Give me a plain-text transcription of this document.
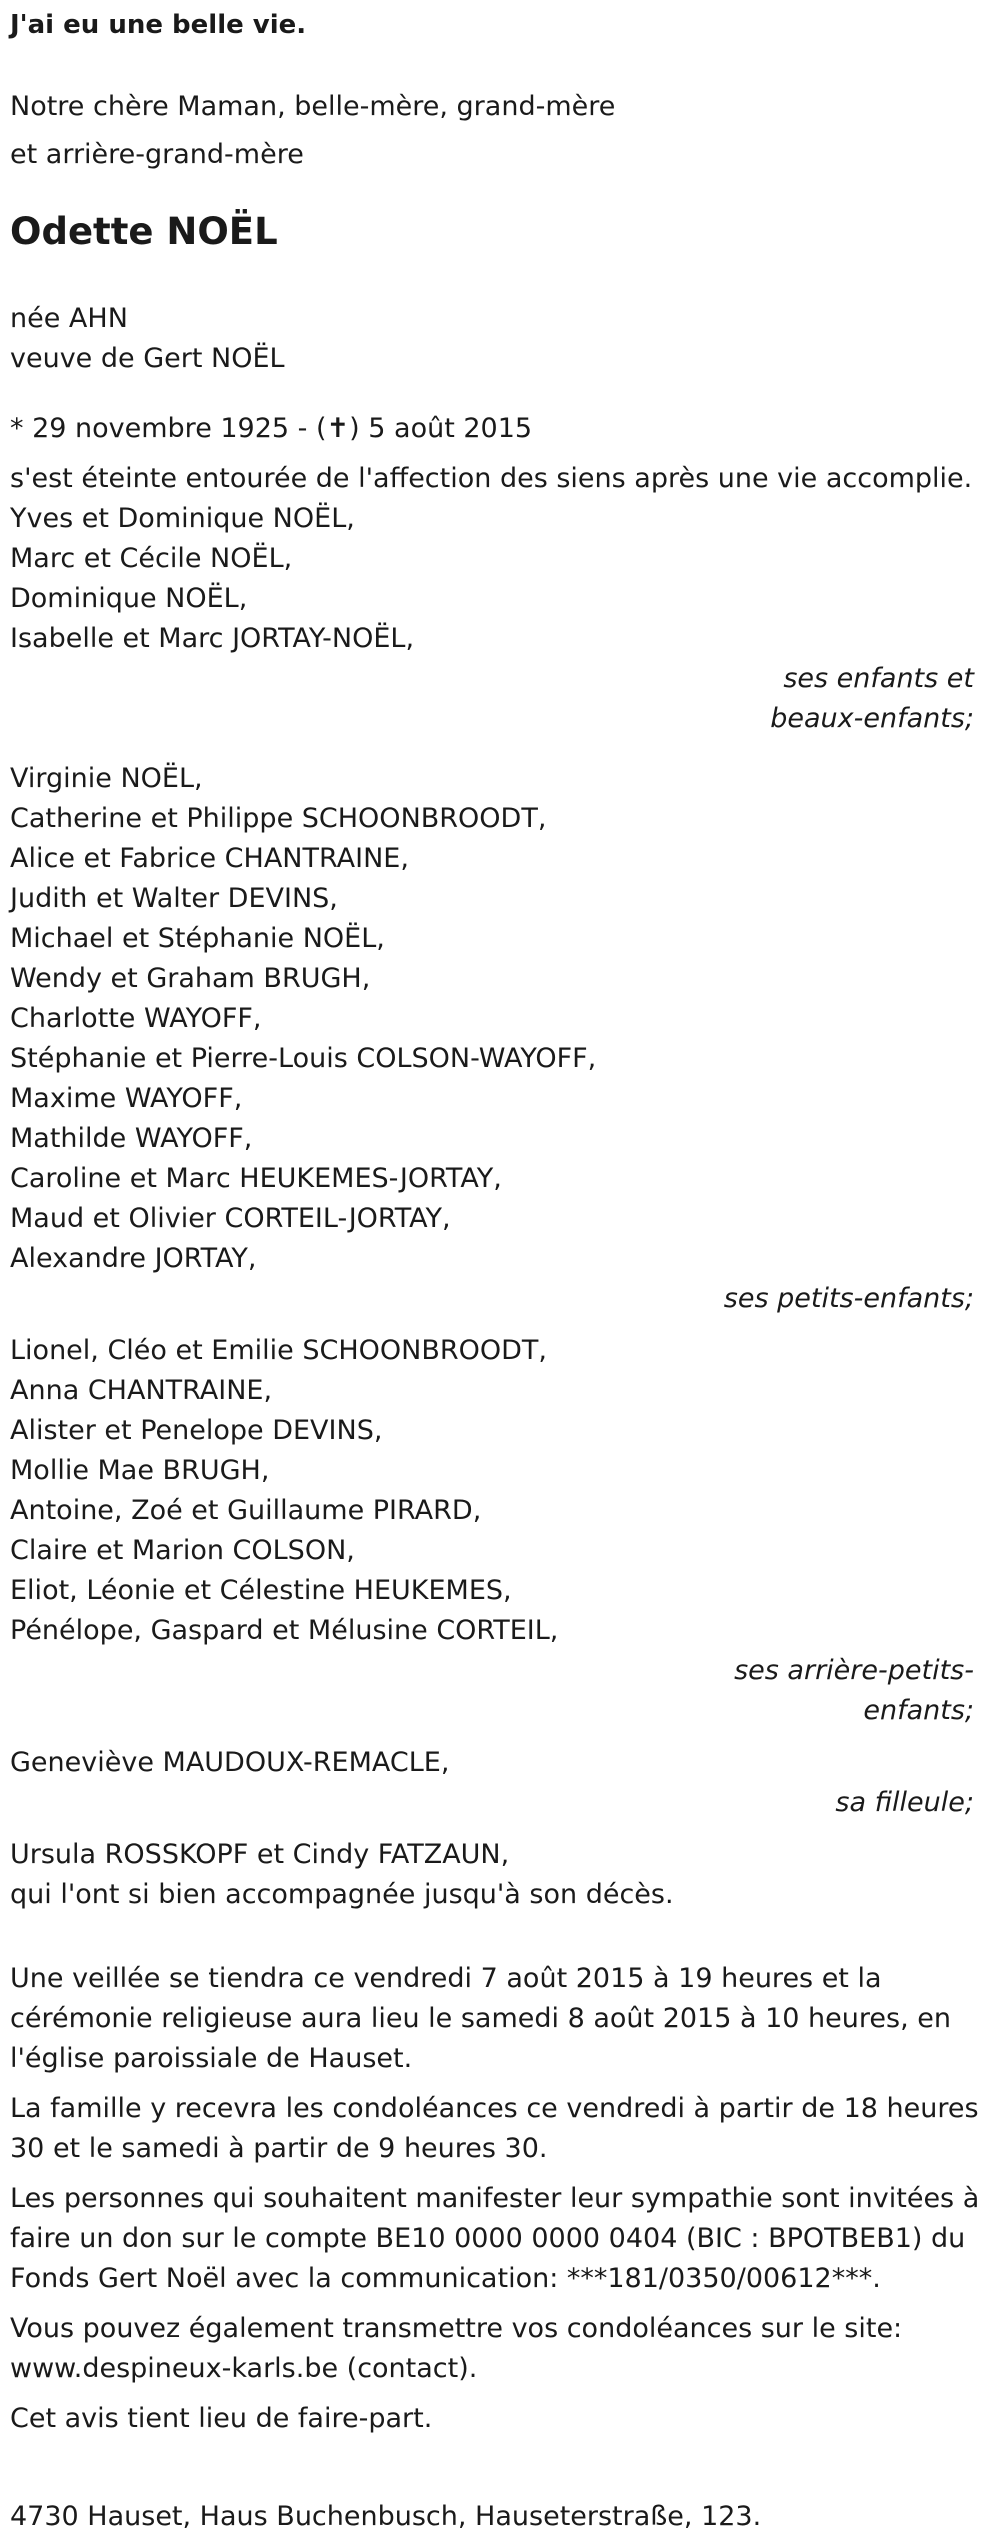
J'ai eu une belle vie.
Notre chère Maman, belle-mère, grand-mère
et arrière-grand-mère
Odette NOËL
née AHN
veuve de Gert NOËL
* 29 novembre 1925 - (✝) 5 août 2015
s'est éteinte entourée de l'affection des siens après une vie accomplie.
Yves et Dominique NOËL,
Marc et Cécile NOËL,
Dominique NOËL,
Isabelle et Marc JORTAY-NOËL,
ses enfants et
beaux-enfants;
Virginie NOËL,
Catherine et Philippe SCHOONBROODT,
Alice et Fabrice CHANTRAINE,
Judith et Walter DEVINS,
Michael et Stéphanie NOËL,
Wendy et Graham BRUGH,
Charlotte WAYOFF,
Stéphanie et Pierre-Louis COLSON-WAYOFF,
Maxime WAYOFF,
Mathilde WAYOFF,
Caroline et Marc HEUKEMES-JORTAY,
Maud et Olivier CORTEIL-JORTAY,
Alexandre JORTAY,
ses petits-enfants;
Lionel, Cléo et Emilie SCHOONBROODT,
Anna CHANTRAINE,
Alister et Penelope DEVINS,
Mollie Mae BRUGH,
Antoine, Zoé et Guillaume PIRARD,
Claire et Marion COLSON,
Eliot, Léonie et Célestine HEUKEMES,
Pénélope, Gaspard et Mélusine CORTEIL,
ses arrière-petits-
enfants;
Geneviève MAUDOUX-REMACLE,
sa filleule;
Ursula ROSSKOPF et Cindy FATZAUN,
qui l'ont si bien accompagnée jusqu'à son décès.
Une veillée se tiendra ce vendredi 7 août 2015 à 19 heures et la
cérémonie religieuse aura lieu le samedi 8 août 2015 à 10 heures, en
l'église paroissiale de Hauset.
La famille y recevra les condoléances ce vendredi à partir de 18 heures
30 et le samedi à partir de 9 heures 30.
Les personnes qui souhaitent manifester leur sympathie sont invitées à
faire un don sur le compte BE10 0000 0000 0404 (BIC : BPOTBEB1) du
Fonds Gert Noël avec la communication: ***181/0350/00612***.
Vous pouvez également transmettre vos condoléances sur le site:
www.despineux-karls.be (contact).
Cet avis tient lieu de faire-part.
4730 Hauset, Haus Buchenbusch, Hauseterstraße, 123.
